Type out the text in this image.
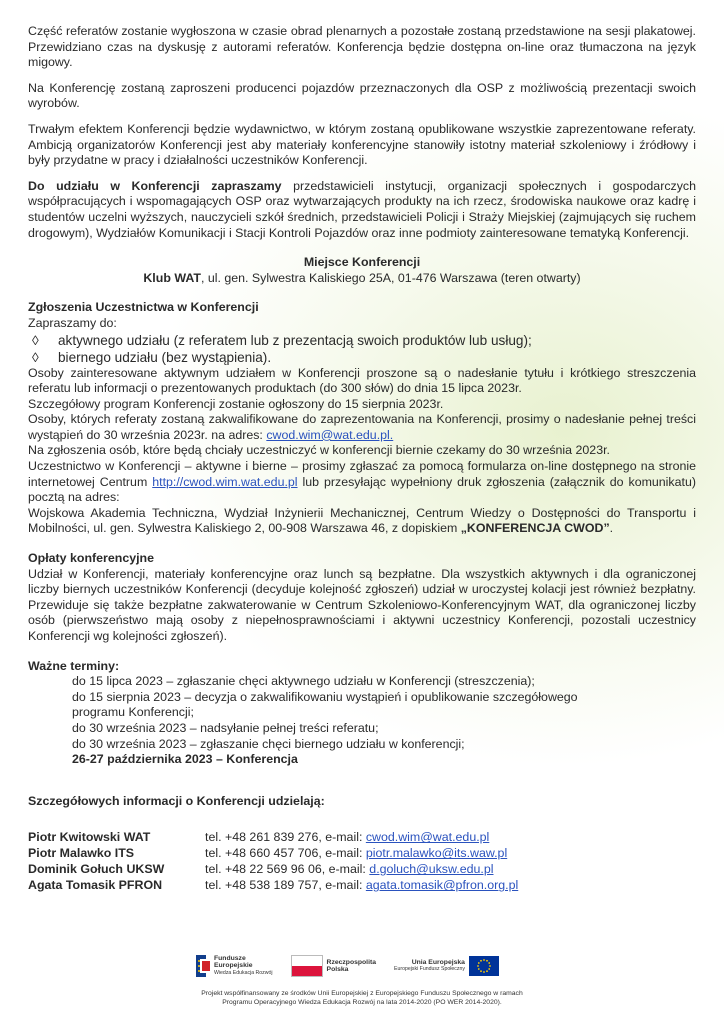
Część referatów zostanie wygłoszona w czasie obrad plenarnych a pozostałe zostaną przedstawione na sesji plakatowej. Przewidziano czas na dyskusję z autorami referatów. Konferencja będzie dostępna on-line oraz tłumaczona na język migowy.

Na Konferencję zostaną zaproszeni producenci pojazdów przeznaczonych dla OSP z możliwością prezentacji swoich wyrobów.

Trwałym efektem Konferencji będzie wydawnictwo, w którym zostaną opublikowane wszystkie zaprezentowane referaty. Ambicją organizatorów Konferencji jest aby materiały konferencyjne stanowiły istotny materiał szkoleniowy i źródłowy i były przydatne w pracy i działalności uczestników Konferencji.

Do udziału w Konferencji zapraszamy przedstawicieli instytucji, organizacji społecznych i gospodarczych współpracujących i wspomagających OSP oraz wytwarzających produkty na ich rzecz, środowiska naukowe oraz kadrę i studentów uczelni wyższych, nauczycieli szkół średnich, przedstawicieli Policji i Straży Miejskiej (zajmujących się ruchem drogowym), Wydziałów Komunikacji i Stacji Kontroli Pojazdów oraz inne podmioty zainteresowane tematyką Konferencji.

Miejsce Konferencji
Klub WAT, ul. gen. Sylwestra Kaliskiego 25A, 01-476 Warszawa (teren otwarty)
Zgłoszenia Uczestnictwa w Konferencji
Zapraszamy do:
◊ aktywnego udziału (z referatem lub z prezentacją swoich produktów lub usług);
◊ biernego udziału (bez wystąpienia).

Osoby zainteresowane aktywnym udziałem w Konferencji proszone są o nadesłanie tytułu i krótkiego streszczenia referatu lub informacji o prezentowanych produktach (do 300 słów) do dnia 15 lipca 2023r.

Szczegółowy program Konferencji zostanie ogłoszony do 15 sierpnia 2023r.

Osoby, których referaty zostaną zakwalifikowane do zaprezentowania na Konferencji, prosimy o nadesłanie pełnej treści wystąpień do 30 września 2023r. na adres: cwod.wim@wat.edu.pl.

Na zgłoszenia osób, które będą chciały uczestniczyć w konferencji biernie czekamy do 30 września 2023r.

Uczestnictwo w Konferencji – aktywne i bierne – prosimy zgłaszać za pomocą formularza on-line dostępnego na stronie internetowej Centrum http://cwod.wim.wat.edu.pl lub przesyłając wypełniony druk zgłoszenia (załącznik do komunikatu) pocztą na adres:

Wojskowa Akademia Techniczna, Wydział Inżynierii Mechanicznej, Centrum Wiedzy o Dostępności do Transportu i Mobilności, ul. gen. Sylwestra Kaliskiego 2, 00-908 Warszawa 46, z dopiskiem „KONFERENCJA CWOD”.

Opłaty konferencyjne

Udział w Konferencji, materiały konferencyjne oraz lunch są bezpłatne. Dla wszystkich aktywnych i dla ograniczonej liczby biernych uczestników Konferencji (decyduje kolejność zgłoszeń) udział w uroczystej kolacji jest również bezpłatny. Przewiduje się także bezpłatne zakwaterowanie w Centrum Szkoleniowo-Konferencyjnym WAT, dla ograniczonej liczby osób (pierwszeństwo mają osoby z niepełnosprawnościami i aktywni uczestnicy Konferencji, pozostali uczestnicy Konferencji wg kolejności zgłoszeń).

Ważne terminy:
do 15 lipca 2023 – zgłaszanie chęci aktywnego udziału w Konferencji (streszczenia);
do 15 sierpnia 2023 – decyzja o zakwalifikowaniu wystąpień i opublikowanie szczegółowego
programu Konferencji;
do 30 września 2023 – nadsyłanie pełnej treści referatu;
do 30 września 2023 – zgłaszanie chęci biernego udziału w konferencji;
26-27 października 2023 – Konferencja
Szczegółowych informacji o Konferencji udzielają:
Piotr Kwitowski WAT	tel. +48 261 839 276, e-mail: cwod.wim@wat.edu.pl
Piotr Malawko ITS	tel. +48 660 457 706, e-mail: piotr.malawko@its.waw.pl
Dominik Gołuch UKSW	tel. +48 22 569 96 06, e-mail: d.goluch@uksw.edu.pl
Agata Tomasik PFRON	tel. +48 538 189 757, e-mail: agata.tomasik@pfron.org.pl
Fundusze
Europejskie
Wiedza Edukacja Rozwój
Rzeczpospolita
Polska
Unia Europejska
Europejski Fundusz Społeczny
Projekt współfinansowany ze środków Unii Europejskiej z Europejskiego Funduszu Społecznego w ramach
Programu Operacyjnego Wiedza Edukacja Rozwój na lata 2014-2020 (PO WER 2014-2020).
